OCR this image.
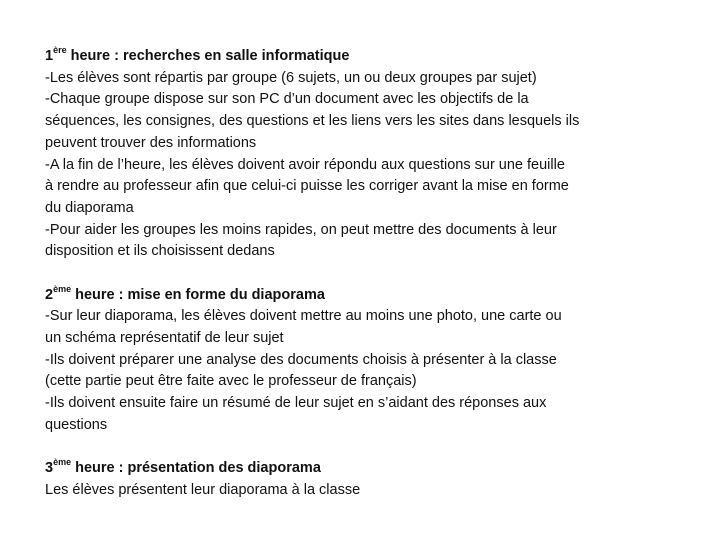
1ère heure : recherches en salle informatique
-Les élèves sont répartis par groupe (6 sujets, un ou deux groupes par sujet)
-Chaque groupe dispose sur son PC d’un document avec les objectifs de la
séquences, les consignes, des questions et les liens vers les sites dans lesquels ils
peuvent trouver des informations
-A la fin de l’heure, les élèves doivent avoir répondu aux questions sur une feuille
à rendre au professeur afin que celui-ci puisse les corriger avant la mise en forme
du diaporama
-Pour aider les groupes les moins rapides, on peut mettre des documents à leur
disposition et ils choisissent dedans
2ème heure : mise en forme du diaporama
-Sur leur diaporama, les élèves doivent mettre au moins une photo, une carte ou
un schéma représentatif de leur sujet
-Ils doivent préparer une analyse des documents choisis à présenter à la classe
(cette partie peut être faite avec le professeur de français)
-Ils doivent ensuite faire un résumé de leur sujet en s’aidant des réponses aux
questions
3ème heure : présentation des diaporama
Les élèves présentent leur diaporama à la classe
